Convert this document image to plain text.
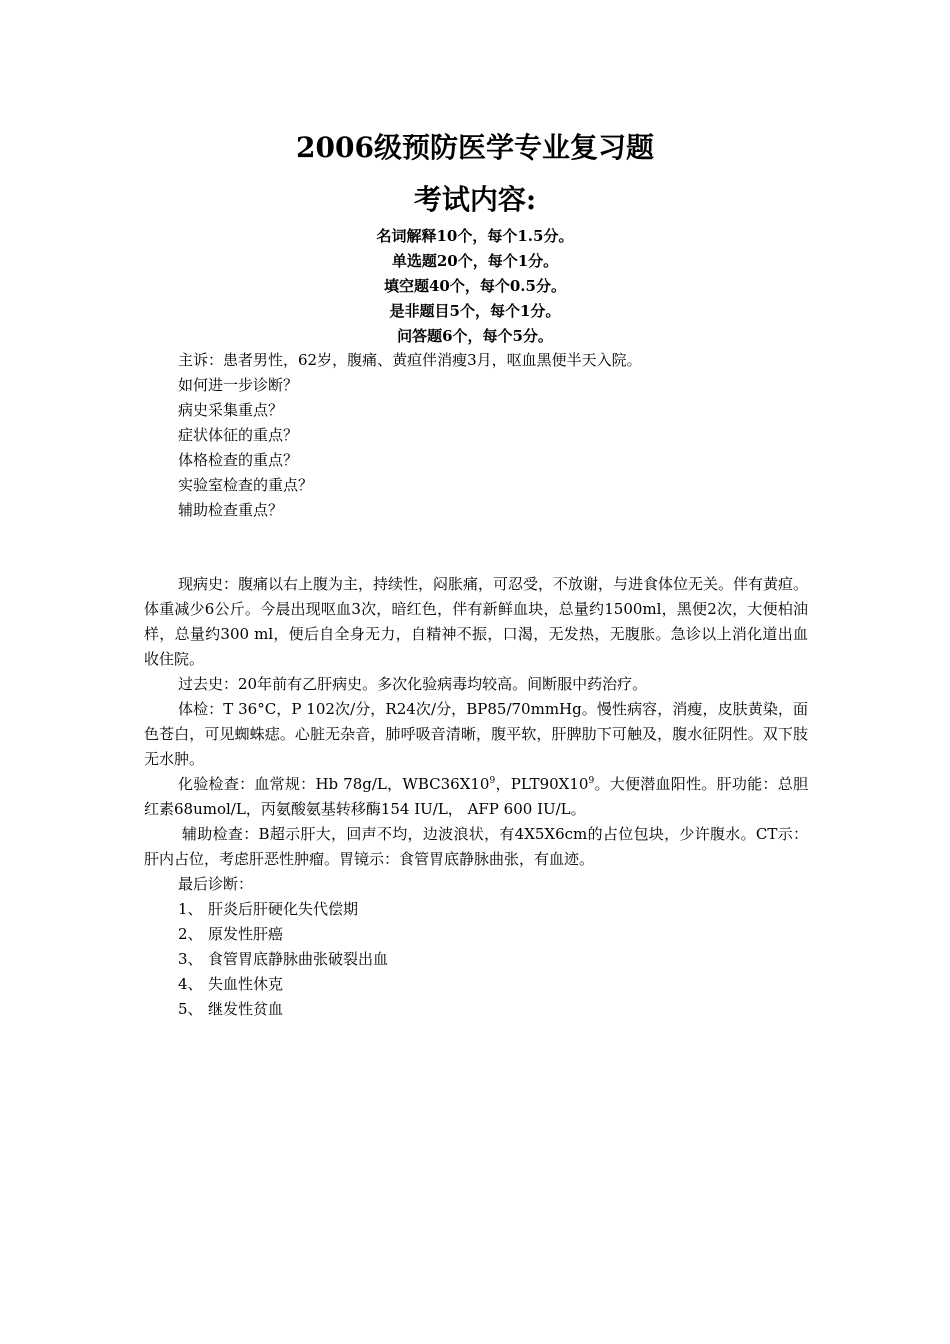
2006级预防医学专业复习题
考试内容:
名词解释10个，每个1.5分。
单选题20个，每个1分。
填空题40个，每个0.5分。
是非题目5个，每个1分。
问答题6个，每个5分。
主诉：患者男性，62岁，腹痛、黄疸伴消瘦3月，呕血黑便半天入院。
如何进一步诊断？
病史采集重点？
症状体征的重点？
体格检查的重点？
实验室检查的重点？
辅助检查重点？
现病史：腹痛以右上腹为主，持续性，闷胀痛，可忍受，不放谢，与进食体位无关。伴有黄疸。体重减少6公斤。今晨出现呕血3次，暗红色，伴有新鲜血块，总量约1500ml，黑便2次，大便柏油样，总量约300 ml，便后自全身无力，自精神不振，口渴，无发热，无腹胀。急诊以上消化道出血收住院。
过去史：20年前有乙肝病史。多次化验病毒均较高。间断服中药治疗。
体检：T 36°C，P 102次/分，R24次/分，BP85/70mmHg。慢性病容，消瘦，皮肤黄染，面色苍白，可见蜘蛛痣。心脏无杂音，肺呼吸音清晰，腹平软，肝脾肋下可触及，腹水征阴性。双下肢无水肿。
化验检查：血常规：Hb 78g/L，$WBC36X10^9$，$PLT90X10^9$。大便潜血阳性。肝功能：总胆红素68umol/L，丙氨酸氨基转移酶154 IU/L， AFP 600 IU/L。
辅助检查：B超示肝大，回声不均，边波浪状，有4X5X6cm的占位包块，少许腹水。CT示：肝内占位，考虑肝恶性肿瘤。胃镜示：食管胃底静脉曲张，有血迹。
最后诊断：
1、 肝炎后肝硬化失代偿期
2、 原发性肝癌
3、 食管胃底静脉曲张破裂出血
4、 失血性休克
5、 继发性贫血
